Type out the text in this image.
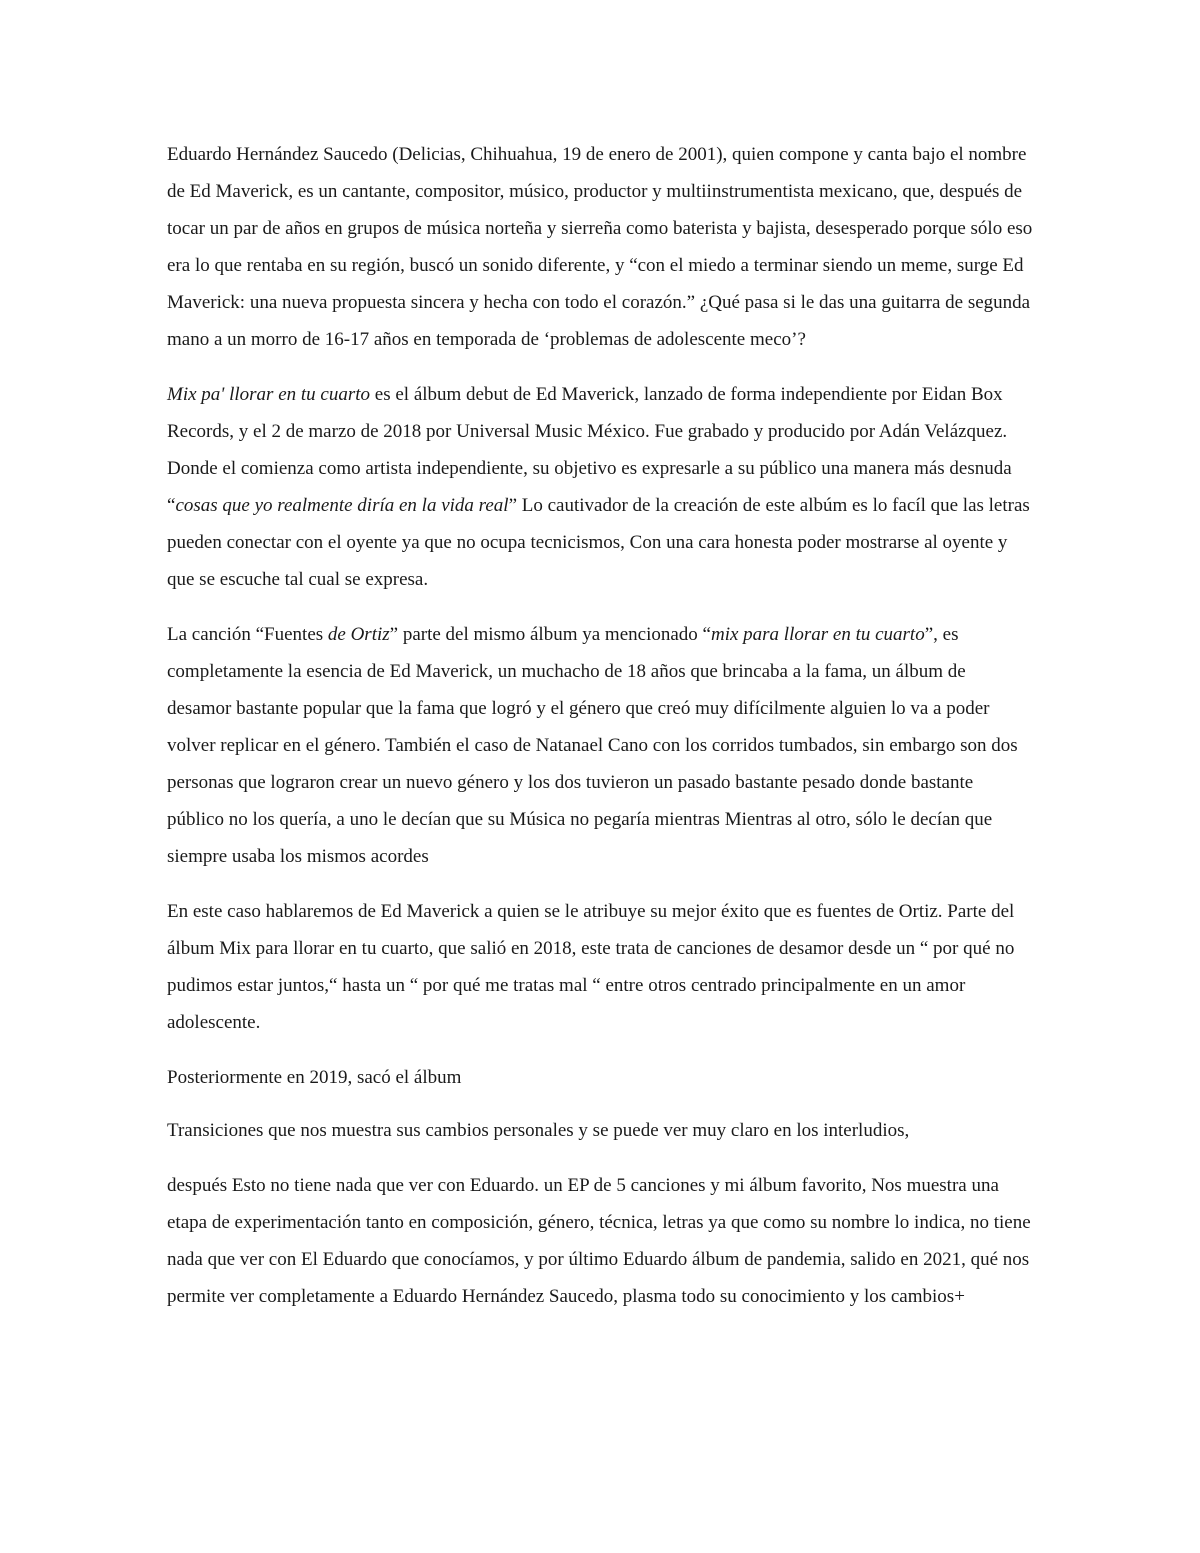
Eduardo Hernández Saucedo (Delicias, Chihuahua, 19 de enero de 2001), quien compone y canta bajo el nombre de Ed Maverick, es un cantante, compositor, músico, productor y multiinstrumentista mexicano, que, después de tocar un par de años en grupos de música norteña y sierreña como baterista y bajista, desesperado porque sólo eso era lo que rentaba en su región, buscó un sonido diferente, y “con el miedo a terminar siendo un meme, surge Ed Maverick: una nueva propuesta sincera y hecha con todo el corazón.” ¿Qué pasa si le das una guitarra de segunda mano a un morro de 16-17 años en temporada de ‘problemas de adolescente meco’?

Mix pa' llorar en tu cuarto es el álbum debut de Ed Maverick, lanzado de forma independiente por Eidan Box Records, y el 2 de marzo de 2018 por Universal Music México. Fue grabado y producido por Adán Velázquez. Donde el comienza como artista independiente, su objetivo es expresarle a su público una manera más desnuda “cosas que yo realmente diría en la vida real” Lo cautivador de la creación de este albúm es lo facíl que las letras pueden conectar con el oyente ya que no ocupa tecnicismos, Con una cara honesta poder mostrarse al oyente y que se escuche tal cual se expresa.

La canción “Fuentes de Ortiz” parte del mismo álbum ya mencionado “mix para llorar en tu cuarto”, es completamente la esencia de Ed Maverick, un muchacho de 18 años que brincaba a la fama, un álbum de desamor bastante popular que la fama que logró y el género que creó muy difícilmente alguien lo va a poder volver replicar en el género. También el caso de Natanael Cano con los corridos tumbados, sin embargo son dos personas que lograron crear un nuevo género y los dos tuvieron un pasado bastante pesado donde bastante público no los quería, a uno le decían que su Música no pegaría mientras Mientras al otro, sólo le decían que siempre usaba los mismos acordes

En este caso hablaremos de Ed Maverick a quien se le atribuye su mejor éxito que es fuentes de Ortiz. Parte del álbum Mix para llorar en tu cuarto, que salió en 2018, este trata de canciones de desamor desde un “ por qué no pudimos estar juntos,“ hasta un “ por qué me tratas mal “ entre otros centrado principalmente en un amor adolescente.

Posteriormente en 2019, sacó el álbum

Transiciones que nos muestra sus cambios personales y se puede ver muy claro en los interludios,

después Esto no tiene nada que ver con Eduardo. un EP de 5 canciones y mi álbum favorito, Nos muestra una etapa de experimentación tanto en composición, género, técnica, letras ya que como su nombre lo indica, no tiene nada que ver con El Eduardo que conocíamos, y por último Eduardo álbum de pandemia, salido en 2021, qué nos permite ver completamente a Eduardo Hernández Saucedo, plasma todo su conocimiento y los cambios+
